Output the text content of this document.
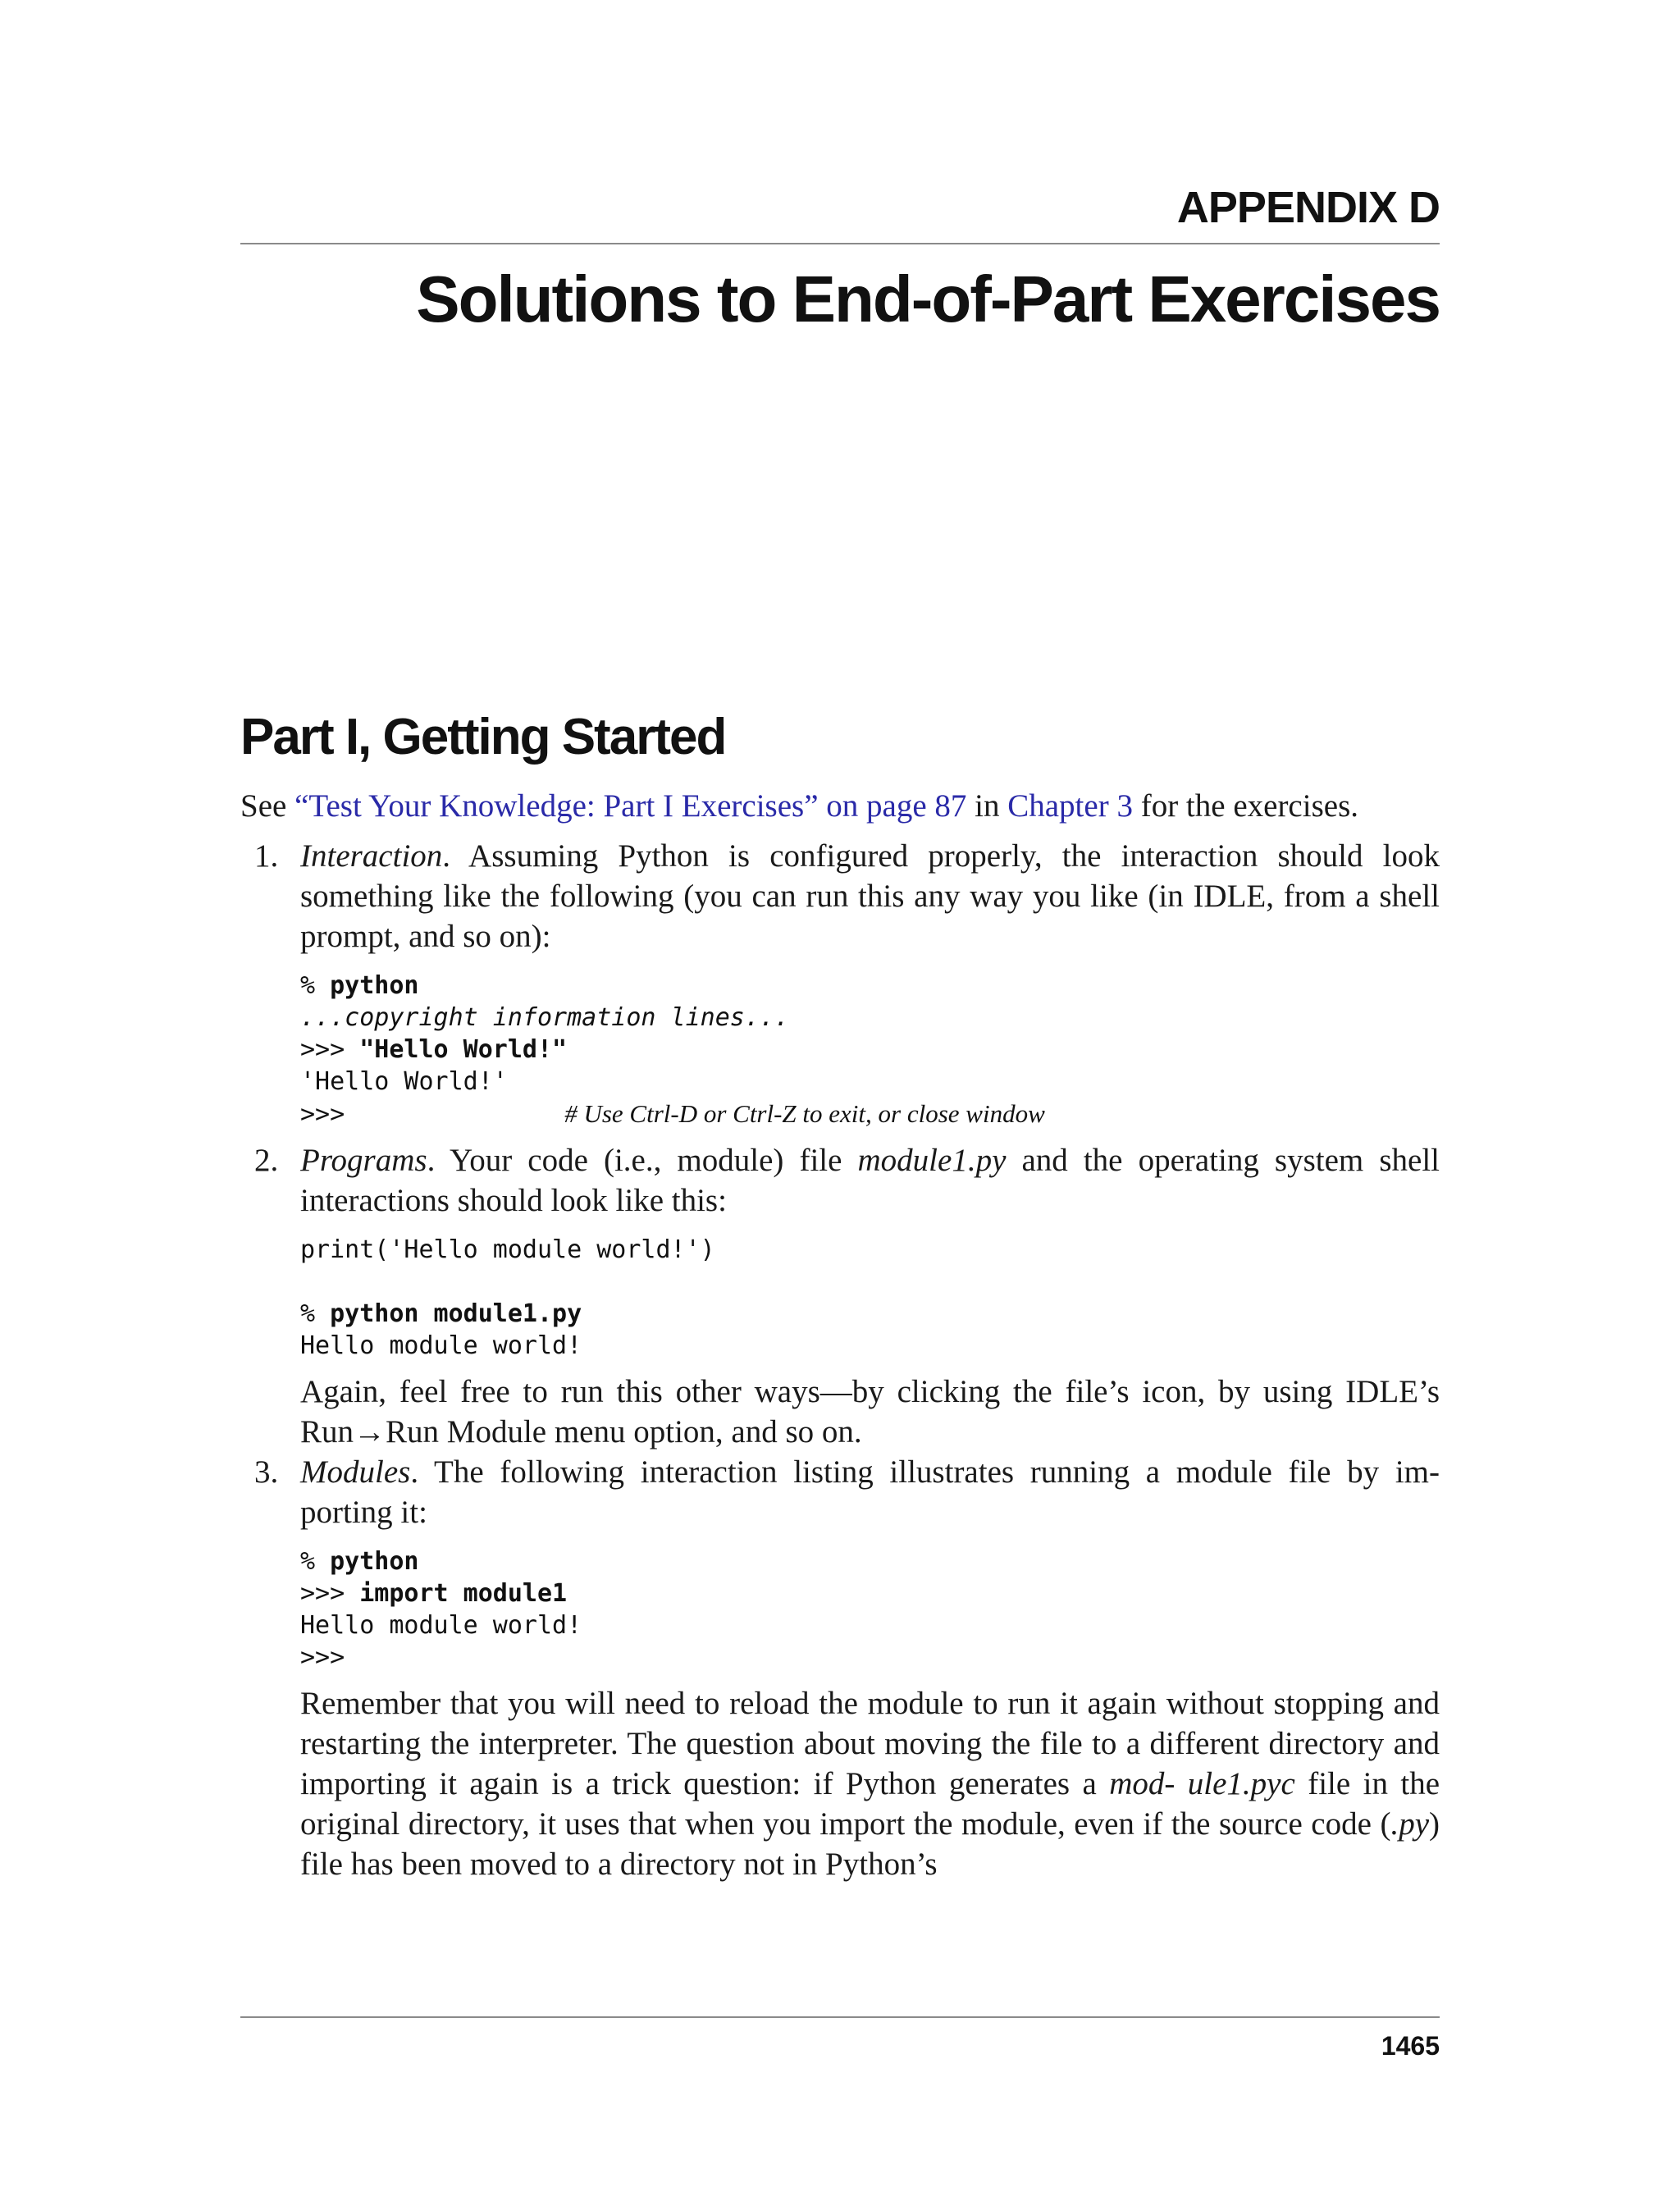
APPENDIX D
Solutions to End-of-Part Exercises
Part I, Getting Started

See “Test Your Knowledge: Part I Exercises” on page 87 in Chapter 3 for the exercises.

1. Interaction. Assuming Python is configured properly, the interaction should look something like the following (you can run this any way you like (in IDLE, from a shell prompt, and so on):

% python
...copyright information lines...
>>> "Hello World!"
'Hello World!'
>>>	# Use Ctrl-D or Ctrl-Z to exit, or close window
2. Programs. Your code (i.e., module) file module1.py and the operating system shell interactions should look like this:

print('Hello module world!')
% python module1.py
Hello module world!

Again, feel free to run this other ways—by clicking the file’s icon, by using IDLE’s Run→Run Module menu option, and so on.

3. Modules. The following interaction listing illustrates running a module file by im- porting it:

% python
>>> import module1
Hello module world!
>>>

Remember that you will need to reload the module to run it again without stopping and restarting the interpreter. The question about moving the file to a different directory and importing it again is a trick question: if Python generates a mod- ule1.pyc file in the original directory, it uses that when you import the module, even if the source code (.py) file has been moved to a directory not in Python’s

1465
